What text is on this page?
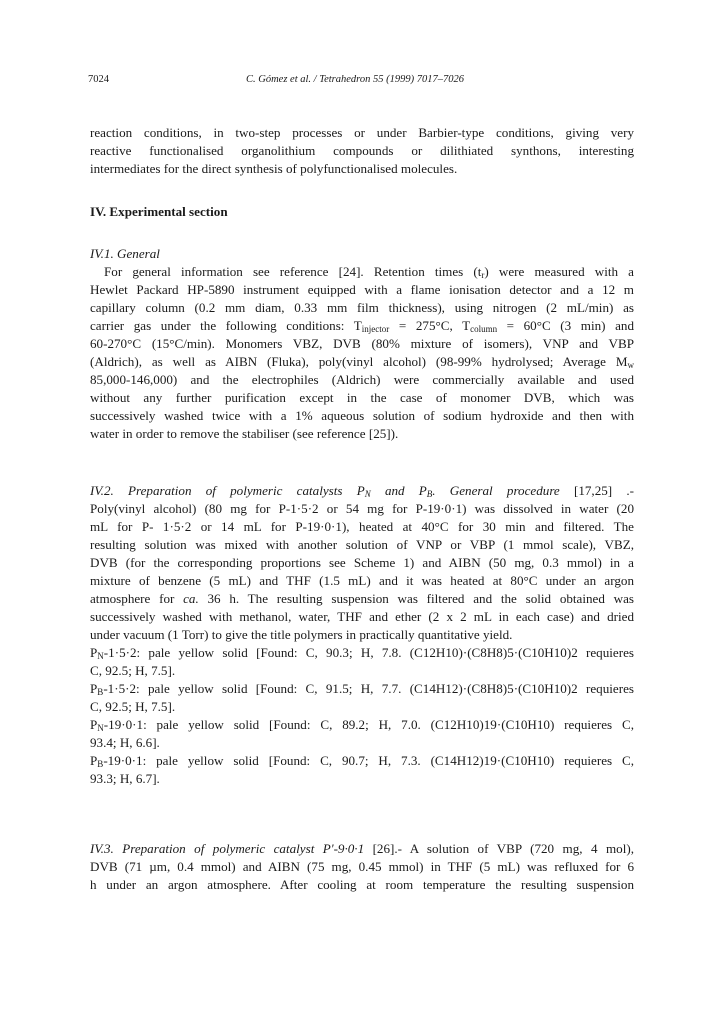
7024	C. Gómez et al. / Tetrahedron 55 (1999) 7017–7026
reaction conditions, in two-step processes or under Barbier-type conditions, giving very
reactive functionalised organolithium compounds or dilithiated synthons, interesting
intermediates for the direct synthesis of polyfunctionalised molecules.
IV. Experimental section
IV.1. General
For general information see reference [24]. Retention times $(t_r)$ were measured with a
Hewlet Packard HP-5890 instrument equipped with a flame ionisation detector and a 12 m
capillary column (0.2 mm diam, 0.33 mm film thickness), using nitrogen (2 mL/min) as
carrier gas under the following conditions: $T_{injector} = 275^\circ C$, $T_{column} = 60^\circ C$ (3 min) and
60-270°C (15°C/min). Monomers VBZ, DVB (80% mixture of isomers), VNP and VBP
(Aldrich), as well as AIBN (Fluka), poly(vinyl alcohol) (98-99% hydrolysed; Average $M_w$
85,000-146,000) and the electrophiles (Aldrich) were commercially available and used
without any further purification except in the case of monomer DVB, which was
successively washed twice with a 1% aqueous solution of sodium hydroxide and then with
water in order to remove the stabiliser (see reference [25]).
IV.2. Preparation of polymeric catalysts $P_N$ and $P_B$. General procedure [17,25] .-
Poly(vinyl alcohol) (80 mg for P-1·5·2 or 54 mg for P-19·0·1) was dissolved in water (20
mL for P- 1·5·2 or 14 mL for P-19·0·1), heated at 40°C for 30 min and filtered. The
resulting solution was mixed with another solution of VNP or VBP (1 mmol scale), VBZ,
DVB (for the corresponding proportions see Scheme 1) and AIBN (50 mg, 0.3 mmol) in a
mixture of benzene (5 mL) and THF (1.5 mL) and it was heated at 80°C under an argon
atmosphere for ca. 36 h. The resulting suspension was filtered and the solid obtained was
successively washed with methanol, water, THF and ether (2 x 2 mL in each case) and dried
under vacuum (1 Torr) to give the title polymers in practically quantitative yield.
$P_N-1\cdot 5\cdot 2$: pale yellow solid [Found: C, 90.3; H, 7.8. (C12H10)·(C8H8)5·(C10H10)2 requieres
C, 92.5; H, 7.5].
$P_B-1\cdot 5\cdot 2$: pale yellow solid [Found: C, 91.5; H, 7.7. (C14H12)·(C8H8)5·(C10H10)2 requieres
C, 92.5; H, 7.5].
$P_N-19\cdot 0\cdot 1$: pale yellow solid [Found: C, 89.2; H, 7.0. (C12H10)19·(C10H10) requieres C,
93.4; H, 6.6].
$P_B-19\cdot 0\cdot 1$: pale yellow solid [Found: C, 90.7; H, 7.3. (C14H12)19·(C10H10) requieres C,
93.3; H, 6.7].
IV.3. Preparation of polymeric catalyst P'-9·0·1 [26].- A solution of VBP (720 mg, 4 mol),
DVB (71 µm, 0.4 mmol) and AIBN (75 mg, 0.45 mmol) in THF (5 mL) was refluxed for 6
h under an argon atmosphere. After cooling at room temperature the resulting suspension
